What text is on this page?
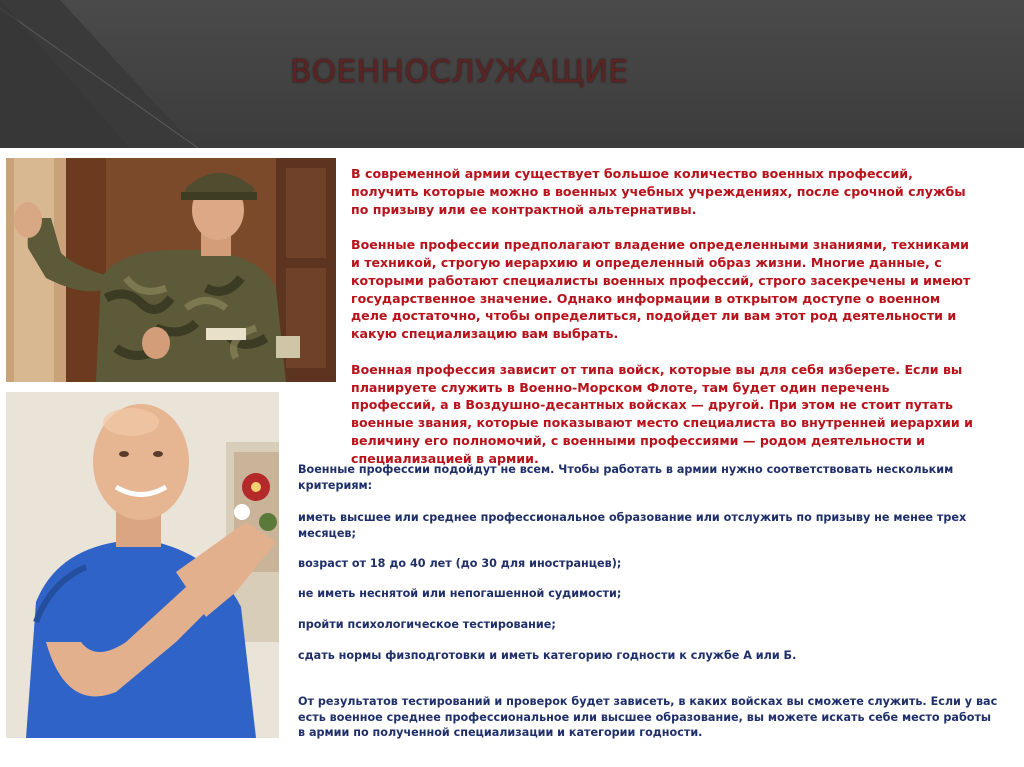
ВОЕННОСЛУЖАЩИЕ

В современной армии существует большое количество военных профессий, получить которые можно в военных учебных учреждениях, после срочной службы по призыву или ее контрактной альтернативы.

Военные профессии предполагают владение определенными знаниями, техниками и техникой, строгую иерархию и определенный образ жизни. Многие данные, с которыми работают специалисты военных профессий, строго засекречены и имеют государственное значение. Однако информации в открытом доступе о военном деле достаточно, чтобы определиться, подойдет ли вам этот род деятельности и какую специализацию вам выбрать.

Военная профессия зависит от типа войск, которые вы для себя изберете. Если вы планируете служить в Военно-Морском Флоте, там будет один перечень профессий, а в Воздушно-десантных войсках — другой. При этом не стоит путать военные звания, которые показывают место специалиста во внутренней иерархии и величину его полномочий, с военными профессиями — родом деятельности и специализацией в армии.

Военные профессии подойдут не всем. Чтобы работать в армии нужно соответствовать нескольким критериям:

иметь высшее или среднее профессиональное образование или отслужить по призыву не менее трех месяцев;

возраст от 18 до 40 лет (до 30 для иностранцев);

не иметь неснятой или непогашенной судимости;

пройти психологическое тестирование;

сдать нормы физподготовки и иметь категорию годности к службе А или Б.

От результатов тестирований и проверок будет зависеть, в каких войсках вы сможете служить. Если у вас есть военное среднее профессиональное или высшее образование, вы можете искать себе место работы в армии по полученной специализации и категории годности.
